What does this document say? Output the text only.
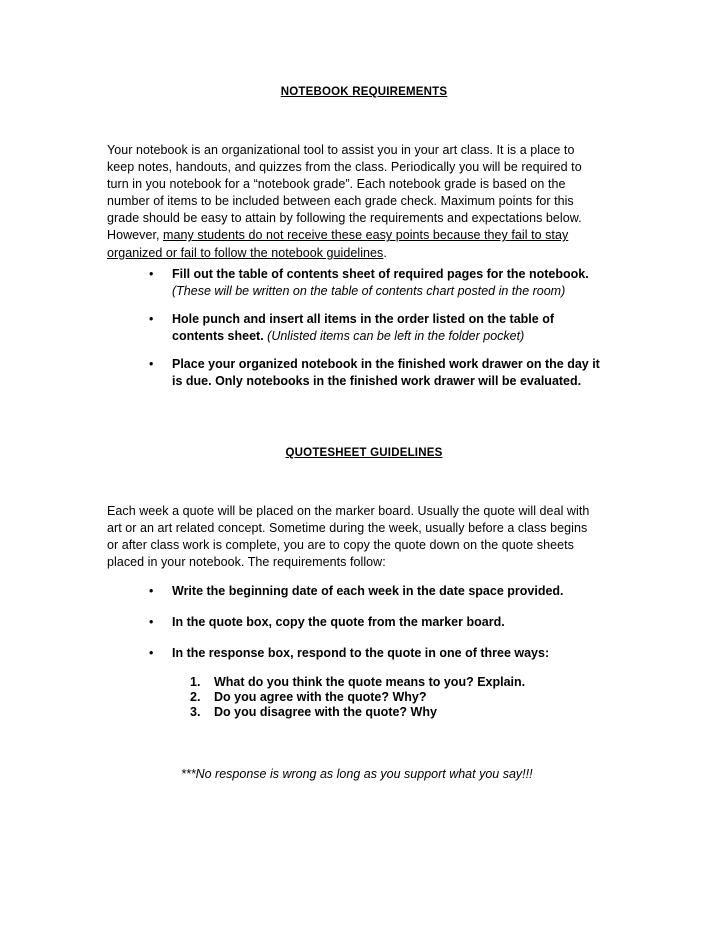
NOTEBOOK REQUIREMENTS
Your notebook is an organizational tool to assist you in your art class. It is a place to
keep notes, handouts, and quizzes from the class. Periodically you will be required to
turn in you notebook for a “notebook grade”. Each notebook grade is based on the
number of items to be included between each grade check. Maximum points for this
grade should be easy to attain by following the requirements and expectations below.
However, many students do not receive these easy points because they fail to stay
organized or fail to follow the notebook guidelines.
• Fill out the table of contents sheet of required pages for the notebook.
(These will be written on the table of contents chart posted in the room)
• Hole punch and insert all items in the order listed on the table of
contents sheet. (Unlisted items can be left in the folder pocket)
• Place your organized notebook in the finished work drawer on the day it
is due. Only notebooks in the finished work drawer will be evaluated.
QUOTESHEET GUIDELINES
Each week a quote will be placed on the marker board. Usually the quote will deal with
art or an art related concept. Sometime during the week, usually before a class begins
or after class work is complete, you are to copy the quote down on the quote sheets
placed in your notebook. The requirements follow:
• Write the beginning date of each week in the date space provided.
• In the quote box, copy the quote from the marker board.
• In the response box, respond to the quote in one of three ways:
1. What do you think the quote means to you? Explain.
2. Do you agree with the quote? Why?
3. Do you disagree with the quote? Why
***No response is wrong as long as you support what you say!!!
